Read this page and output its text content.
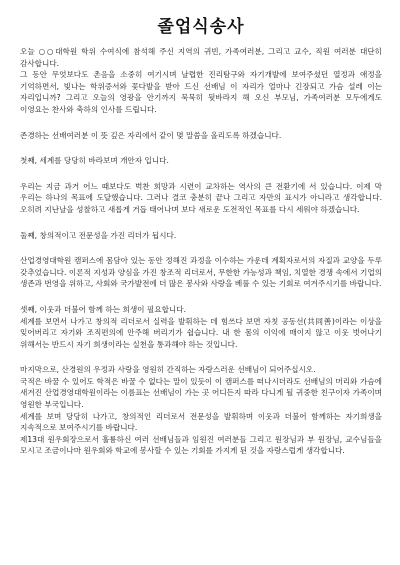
졸업식송사

오늘 ○○대학원 학위 수여식에 참석해 주신 지역의 귀빈, 가족여러분, 그리고 교수, 직원 여러분 대단히 감사합니다.
그 동안 무엇보다도 촌음을 소중히 여기시며 날렵한 진리탐구와 자기개발에 보여주셨던 열정과 애정을 기억하면서, 빛나는 학위증서와 꽃다발을 받아 드신 선배님 이 자리가 얼마나 긴장되고 가슴 설레 이는 자리입니까? 그리고 오늘의 영광을 안기까지 묵묵히 뒷바라지 해 오신 부모님, 가족여러분 모두에게도 이영요는 찬사와 축하의 인사를 드립니다.

존경하는 선배여러분 이 뜻 깊은 자리에서 같이 몇 말씀을 올리도록 하겠습니다.

첫째, 세계를 당당히 바라보며 개안자 입니다.

우리는 지금 과거 어느 때보다도 벅찬 희망과 시련이 교차하는 역사의 큰 전환기에 서 있습니다. 이제 막 우리는 하나의 목표에 도달했습니다. 그러나 결코 충분히 끝나 그리고 자만의 표시가 아니라고 생각합니다. 오히려 지난날을 성찰하고 새롭게 거듭 태어나며 보다 새로운 도전적인 목표를 다시 세워야 하겠습니다.

둘째, 창의적이고 전문성을 가진 리더가 됩시다.

산업경영대학원 캠퍼스에 몸담아 있는 동안 정해진 과정을 이수하는 가운데 계획자로서의 자질과 교양을 두루 갖추었습니다. 이론적 지성과 양심을 가진 창조적 리더로서, 무한한 가능성과 책임, 치열한 경쟁 속에서 기업의 생존과 번영을 위하고, 사회와 국가발전에 더 많은 봉사와 사랑을 베풀 수 있는 기회로 여겨주시기를 바랍니다.

셋째, 이웃과 더불어 함께 하는 희생이 필요합니다.
세계를 보면서 나가고 창의적 리더로서 실력을 발휘하는 데 힘쓰다 보면 자칫 공동선(共同善)이라는 이상을 잊어버리고 자기와 조직편의에 안주해 버리기가 쉽습니다. 내 한 몸의 이익에 매이지 않고 이웃 벗어나기 위해서는 반드시 자기 희생이라는 실천을 통과해야 하는 것입니다.

마지막으로, 산경원의 우정과 사랑을 영원히 간직하는 자랑스러운 선배님이 되어주십시오.
국적은 바꿀 수 있어도 학적은 바꿀 수 없다는 말이 있듯이 이 캠퍼스를 떠나시더라도 선배님의 머리와 가슴에 새겨진 산업경영대학원이라는 이름표는 선배님이 가는 곳 어디든지 따라 다니게 될 귀중한 친구이자 가족이며 영원한 부국입니다.
세계를 보며 당당히 나가고, 창의적인 리더로서 전문성을 발휘하며 이웃과 더불어 함께하는 자기희생을 지속적으로 보여주시기를 바랍니다.
제13대 원우회장으로서 훌륭하신 여러 선배님들과 임원진 여러분들 그리고 원장님과 부 원장님, 교수님들을 모시고 조금이나마 원우회와 학교에 봉사할 수 있는 기회를 가지게 된 것을 자랑스럽게 생각합니다.
